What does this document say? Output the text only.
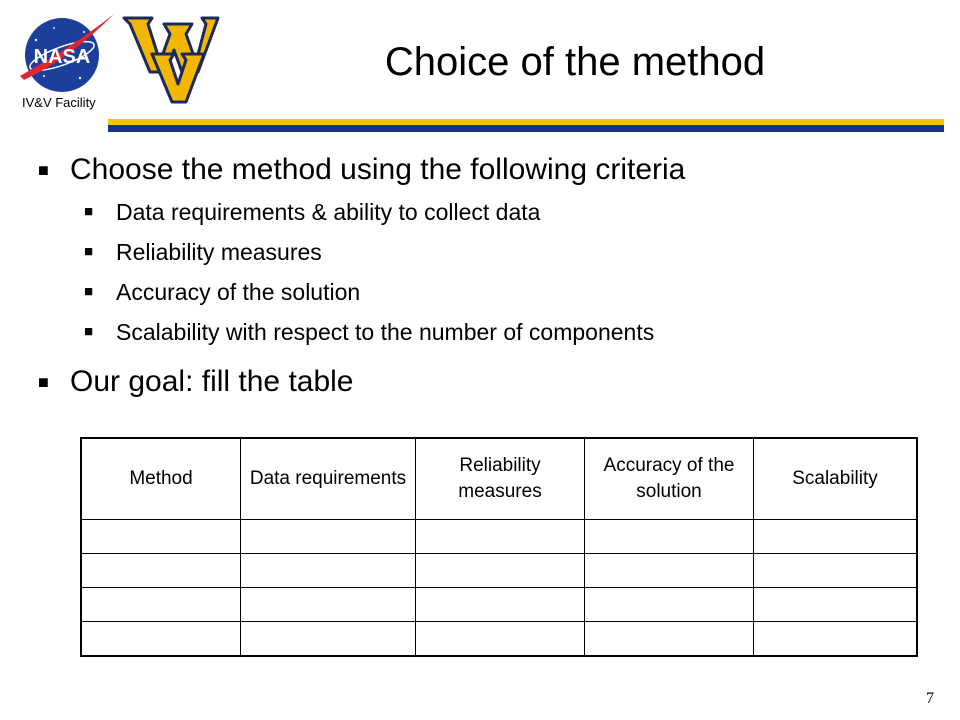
NASA
IV&V Facility
WV
Choice of the method
■ Choose the method using the following criteria
■ Data requirements & ability to collect data
■ Reliability measures
■ Accuracy of the solution
■ Scalability with respect to the number of components
■ Our goal: fill the table
Method	Data requirements	Reliability measures	Accuracy of the solution	Scalability

7
